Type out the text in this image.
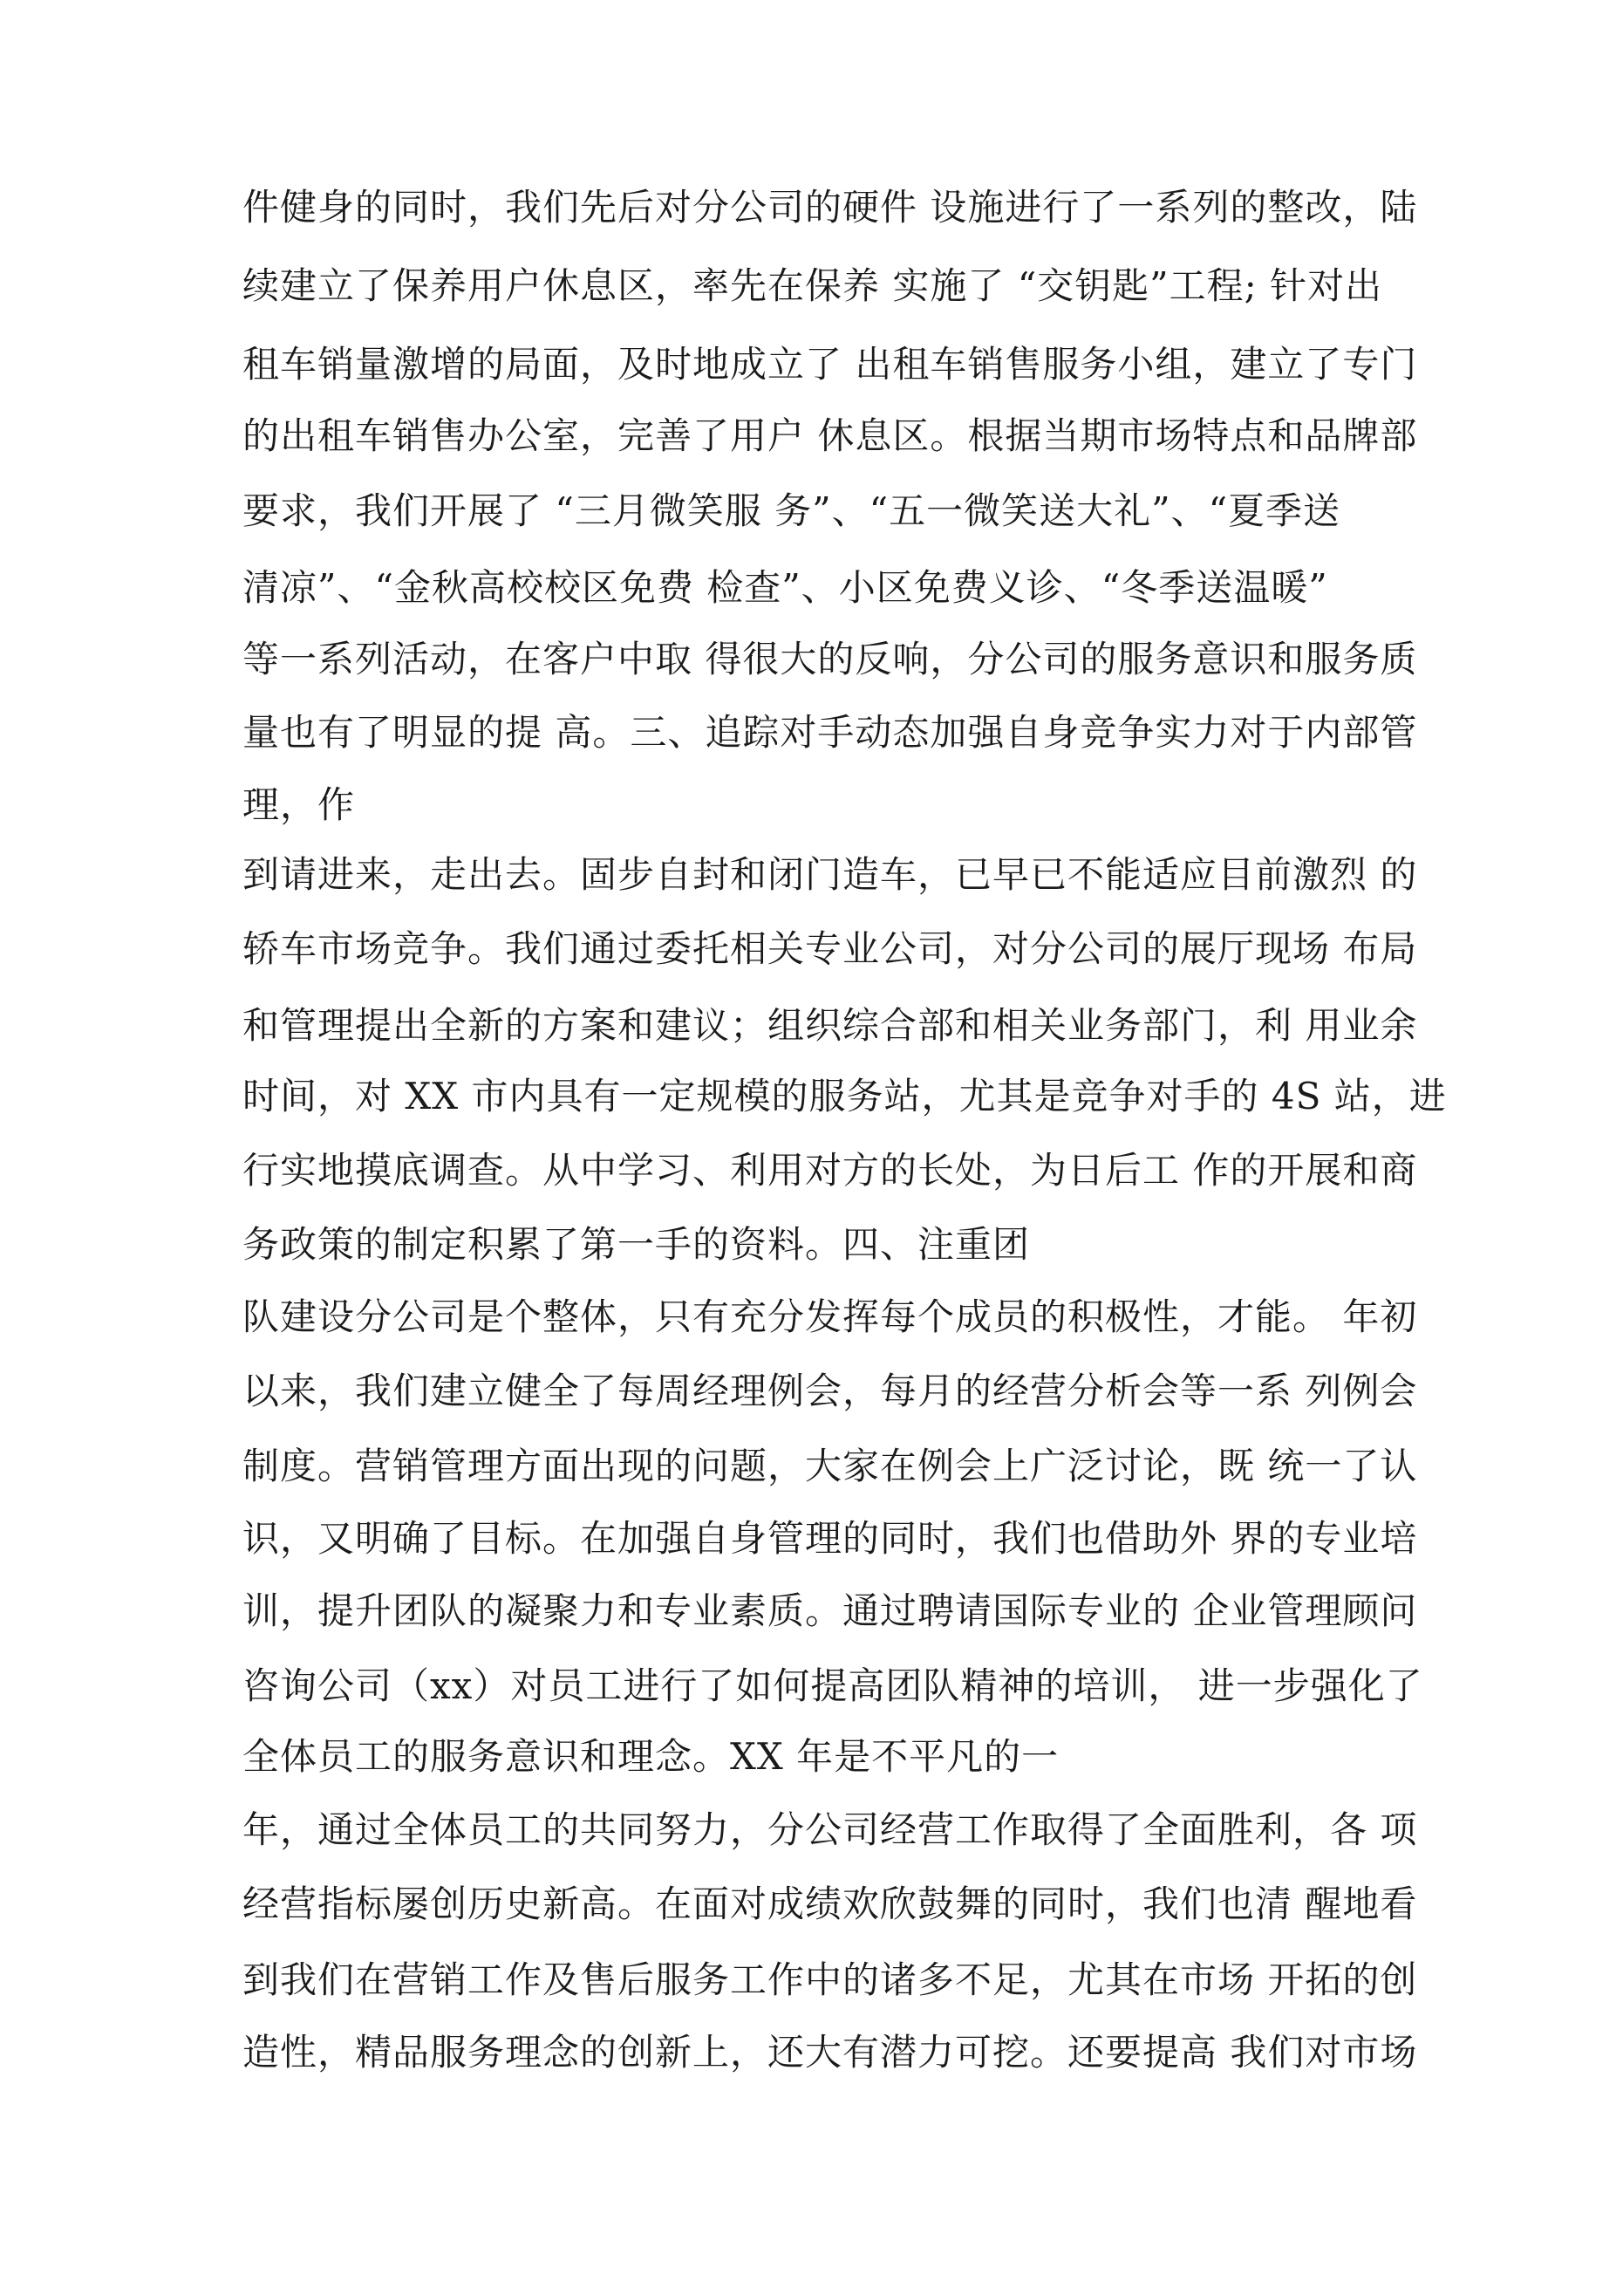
件健身的同时，我们先后对分公司的硬件 设施进行了一系列的整改，陆
续建立了保养用户休息区，率先在保养 实施了 “交钥匙”工程; 针对出
租车销量激增的局面，及时地成立了 出租车销售服务小组，建立了专门
的出租车销售办公室，完善了用户 休息区。根据当期市场特点和品牌部
要求，我们开展了 “三月微笑服 务”、“五一微笑送大礼”、“夏季送
清凉”、“金秋高校校区免费 检查”、小区免费义诊、“冬季送温暖”
等一系列活动，在客户中取 得很大的反响，分公司的服务意识和服务质
量也有了明显的提 高。三、追踪对手动态加强自身竞争实力对于内部管
理，作
到请进来，走出去。固步自封和闭门造车，已早已不能适应目前激烈 的
轿车市场竞争。我们通过委托相关专业公司，对分公司的展厅现场 布局
和管理提出全新的方案和建议；组织综合部和相关业务部门，利 用业余
时间，对 XX 市内具有一定规模的服务站，尤其是竞争对手的 4S 站，进
行实地摸底调查。从中学习、利用对方的长处，为日后工 作的开展和商
务政策的制定积累了第一手的资料。四、注重团
队建设分公司是个整体，只有充分发挥每个成员的积极性，才能。 年初
以来，我们建立健全了每周经理例会，每月的经营分析会等一系 列例会
制度。营销管理方面出现的问题，大家在例会上广泛讨论，既 统一了认
识，又明确了目标。在加强自身管理的同时，我们也借助外 界的专业培
训，提升团队的凝聚力和专业素质。通过聘请国际专业的 企业管理顾问
咨询公司（xx）对员工进行了如何提高团队精神的培训， 进一步强化了
全体员工的服务意识和理念。XX 年是不平凡的一
年，通过全体员工的共同努力，分公司经营工作取得了全面胜利，各 项
经营指标屡创历史新高。在面对成绩欢欣鼓舞的同时，我们也清 醒地看
到我们在营销工作及售后服务工作中的诸多不足，尤其在市场 开拓的创
造性，精品服务理念的创新上，还大有潜力可挖。还要提高 我们对市场
